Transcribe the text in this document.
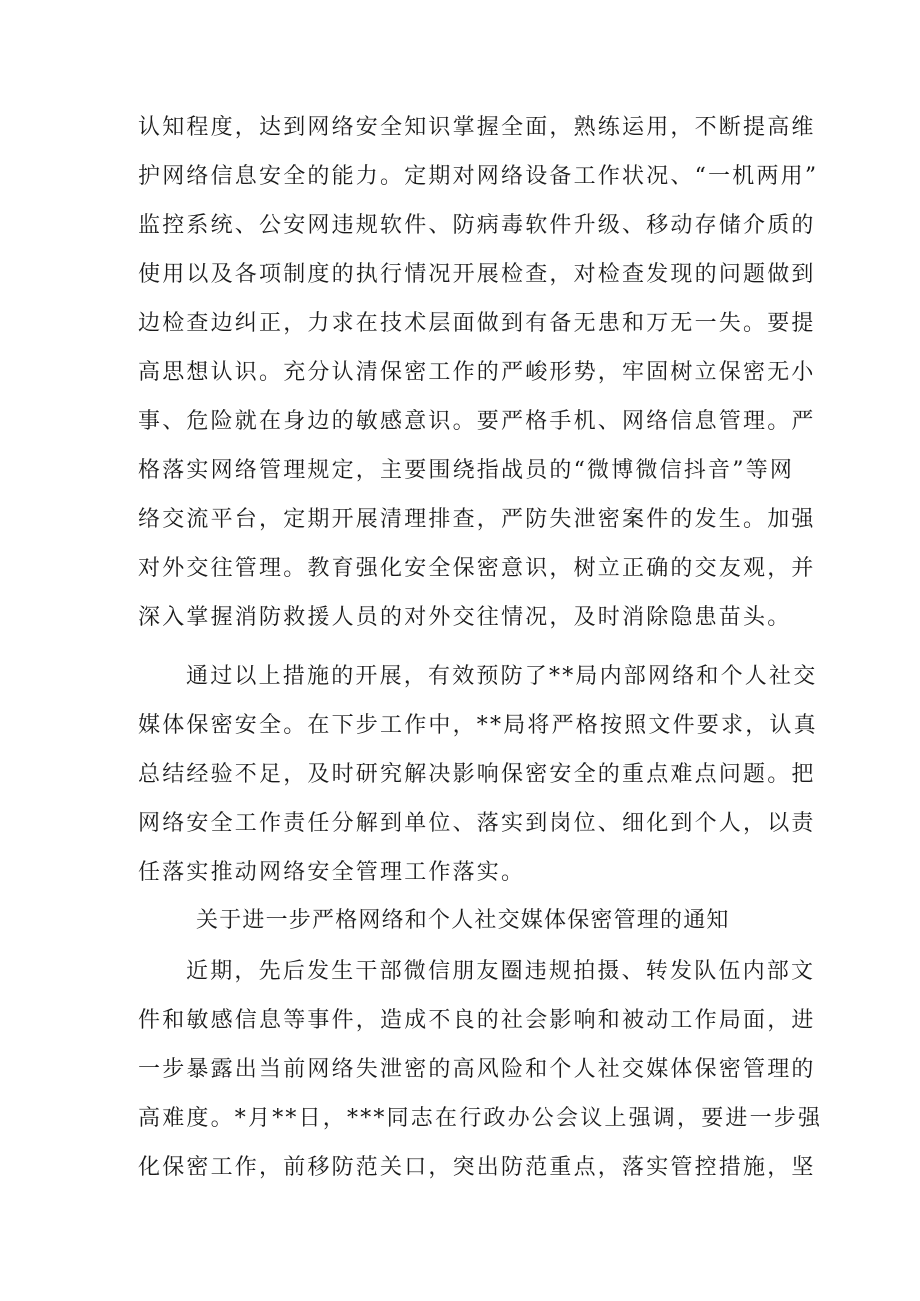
认知程度，达到网络安全知识掌握全面，熟练运用，不断提高维
护网络信息安全的能力。定期对网络设备工作状况、“一机两用”
监控系统、公安网违规软件、防病毒软件升级、移动存储介质的
使用以及各项制度的执行情况开展检查，对检查发现的问题做到
边检查边纠正，力求在技术层面做到有备无患和万无一失。要提
高思想认识。充分认清保密工作的严峻形势，牢固树立保密无小
事、危险就在身边的敏感意识。要严格手机、网络信息管理。严
格落实网络管理规定，主要围绕指战员的“微博微信抖音”等网
络交流平台，定期开展清理排查，严防失泄密案件的发生。加强
对外交往管理。教育强化安全保密意识，树立正确的交友观，并
深入掌握消防救援人员的对外交往情况，及时消除隐患苗头。
通过以上措施的开展，有效预防了**局内部网络和个人社交
媒体保密安全。在下步工作中，**局将严格按照文件要求，认真
总结经验不足，及时研究解决影响保密安全的重点难点问题。把
网络安全工作责任分解到单位、落实到岗位、细化到个人，以责
任落实推动网络安全管理工作落实。
关于进一步严格网络和个人社交媒体保密管理的通知
近期，先后发生干部微信朋友圈违规拍摄、转发队伍内部文
件和敏感信息等事件，造成不良的社会影响和被动工作局面，进
一步暴露出当前网络失泄密的高风险和个人社交媒体保密管理的
高难度。*月**日，***同志在行政办公会议上强调，要进一步强
化保密工作，前移防范关口，突出防范重点，落实管控措施，坚
